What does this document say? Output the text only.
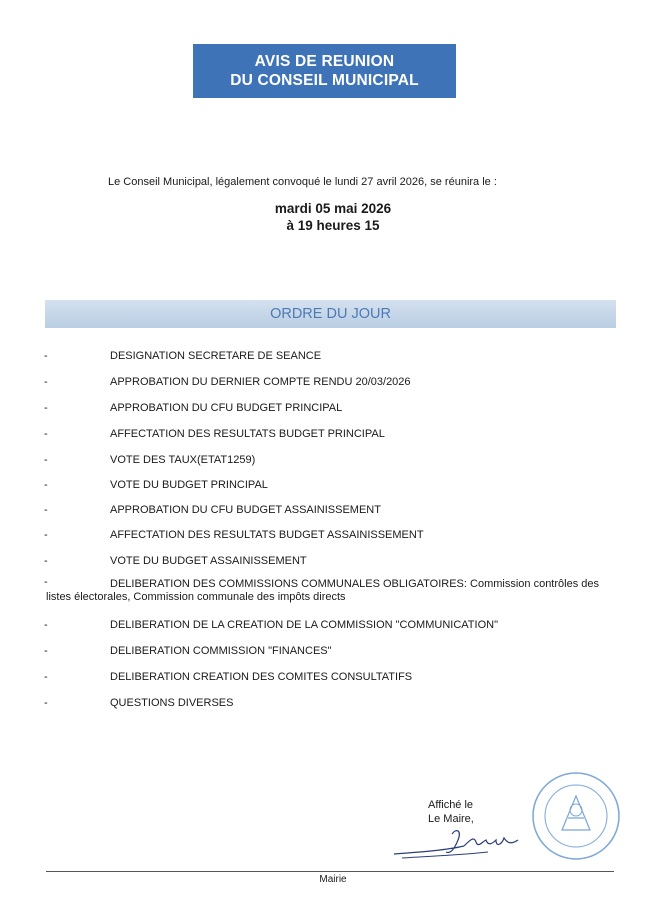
AVIS DE REUNION
DU CONSEIL MUNICIPAL
Le Conseil Municipal, légalement convoqué le lundi 27 avril 2026, se réunira le :
mardi 05 mai 2026
à 19 heures 15
ORDRE DU JOUR
-	DESIGNATION SECRETARE DE SEANCE
-	APPROBATION DU DERNIER COMPTE RENDU 20/03/2026
-	APPROBATION DU CFU BUDGET PRINCIPAL
-	AFFECTATION DES RESULTATS BUDGET PRINCIPAL
-	VOTE DES TAUX(ETAT1259)
-	VOTE DU BUDGET PRINCIPAL
-	APPROBATION DU CFU BUDGET ASSAINISSEMENT
-	AFFECTATION DES RESULTATS BUDGET ASSAINISSEMENT
-	VOTE DU BUDGET ASSAINISSEMENT
-	DELIBERATION DES COMMISSIONS COMMUNALES OBLIGATOIRES: Commission contrôles des listes électorales, Commission communale des impôts directs
-	DELIBERATION DE LA CREATION DE LA COMMISSION "COMMUNICATION"
-	DELIBERATION COMMISSION "FINANCES"
-	DELIBERATION CREATION DES COMITES CONSULTATIFS
-	QUESTIONS DIVERSES
Affiché le
Le Maire,
Mairie
